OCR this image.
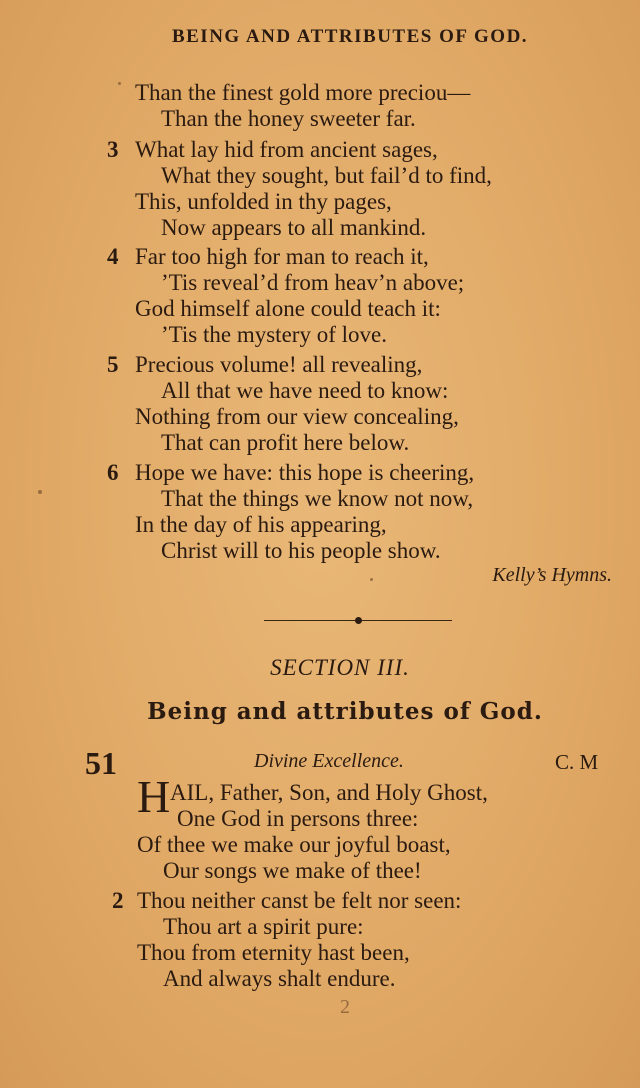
BEING AND ATTRIBUTES OF GOD.
Than the finest gold more preciou—
Than the honey sweeter far.
3 What lay hid from ancient sages,
What they sought, but fail’d to find,
This, unfolded in thy pages,
Now appears to all mankind.
4 Far too high for man to reach it,
’Tis reveal’d from heav’n above;
God himself alone could teach it:
’Tis the mystery of love.
5 Precious volume! all revealing,
All that we have need to know:
Nothing from our view concealing,
That can profit here below.
6 Hope we have: this hope is cheering,
That the things we know not now,
In the day of his appearing,
Christ will to his people show.
Kelly’s Hymns.
SECTION III.
Being and attributes of God.
51	Divine Excellence.	C. M
H AIL, Father, Son, and Holy Ghost,
One God in persons three:
Of thee we make our joyful boast,
Our songs we make of thee!
2 Thou neither canst be felt nor seen:
Thou art a spirit pure:
Thou from eternity hast been,
And always shalt endure.
2
